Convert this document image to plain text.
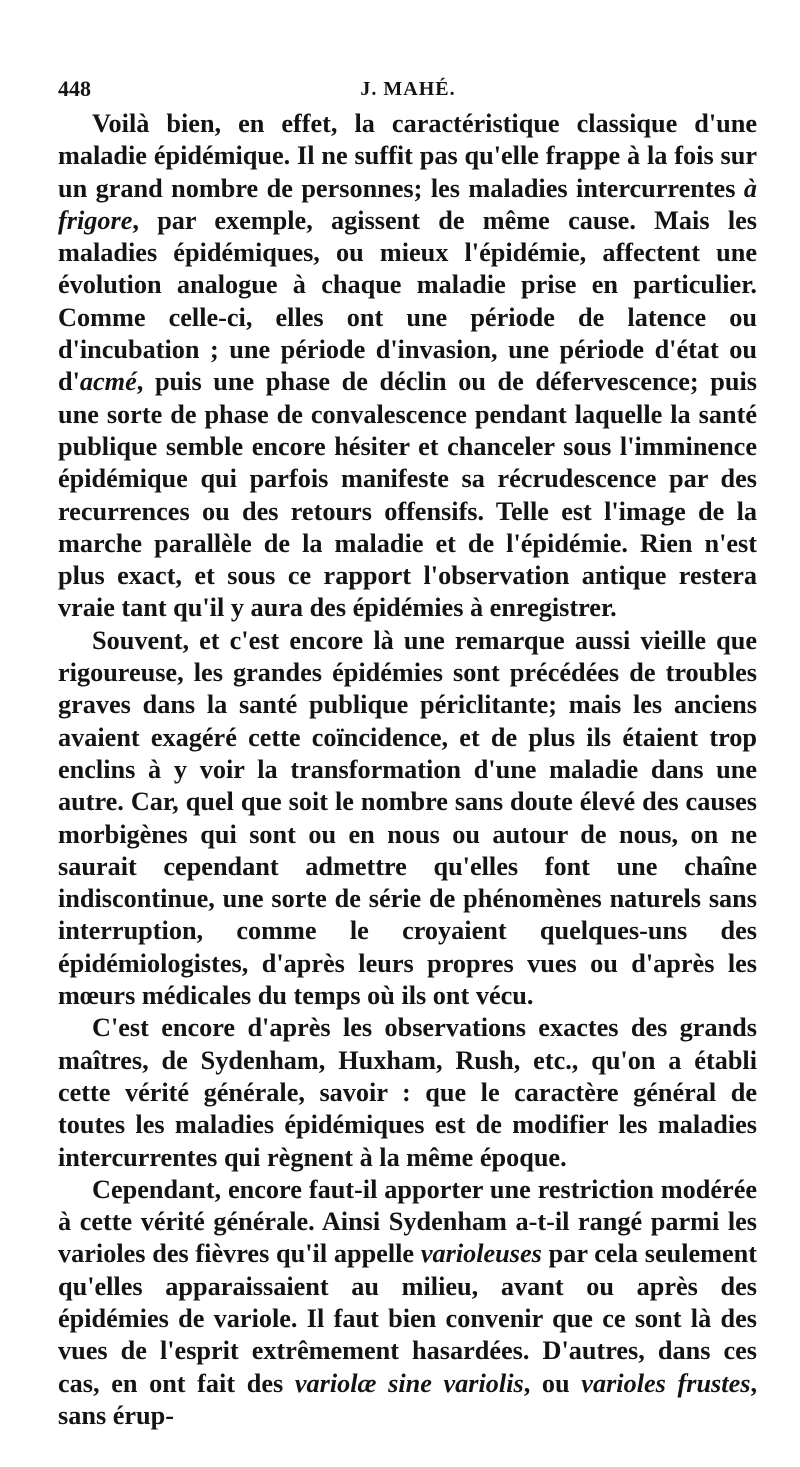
448	J. MAHÉ.

Voilà bien, en effet, la caractéristique classique d'une maladie épidémique. Il ne suffit pas qu'elle frappe à la fois sur un grand nombre de personnes; les maladies intercurrentes à frigore, par exemple, agissent de même cause. Mais les maladies épidémiques, ou mieux l'épidémie, affectent une évolution analogue à chaque maladie prise en particulier. Comme celle-ci, elles ont une période de latence ou d'incubation ; une période d'invasion, une période d'état ou d'acmé, puis une phase de déclin ou de défervescence; puis une sorte de phase de convalescence pendant laquelle la santé publique semble encore hésiter et chanceler sous l'imminence épidémique qui parfois manifeste sa récrudescence par des recurrences ou des retours offensifs. Telle est l'image de la marche parallèle de la maladie et de l'épidémie. Rien n'est plus exact, et sous ce rapport l'observation antique restera vraie tant qu'il y aura des épidémies à enregistrer.

Souvent, et c'est encore là une remarque aussi vieille que rigoureuse, les grandes épidémies sont précédées de troubles graves dans la santé publique périclitante; mais les anciens avaient exagéré cette coïncidence, et de plus ils étaient trop enclins à y voir la transformation d'une maladie dans une autre. Car, quel que soit le nombre sans doute élevé des causes morbigènes qui sont ou en nous ou autour de nous, on ne saurait cependant admettre qu'elles font une chaîne indiscontinue, une sorte de série de phénomènes naturels sans interruption, comme le croyaient quelques-uns des épidémiologistes, d'après leurs propres vues ou d'après les mœurs médicales du temps où ils ont vécu.

C'est encore d'après les observations exactes des grands maîtres, de Sydenham, Huxham, Rush, etc., qu'on a établi cette vérité générale, savoir : que le caractère général de toutes les maladies épidémiques est de modifier les maladies intercurrentes qui règnent à la même époque.

Cependant, encore faut-il apporter une restriction modérée à cette vérité générale. Ainsi Sydenham a-t-il rangé parmi les varioles des fièvres qu'il appelle varioleuses par cela seulement qu'elles apparaissaient au milieu, avant ou après des épidémies de variole. Il faut bien convenir que ce sont là des vues de l'esprit extrêmement hasardées. D'autres, dans ces cas, en ont fait des variolæ sine variolis, ou varioles frustes, sans érup-
